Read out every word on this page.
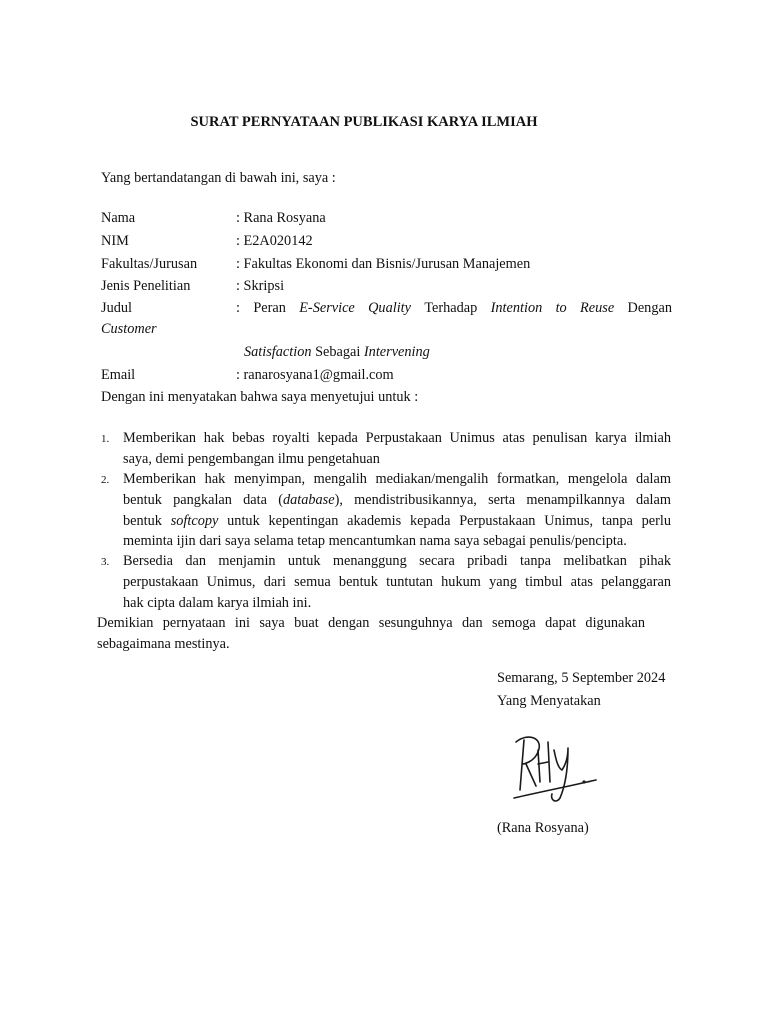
SURAT PERNYATAAN PUBLIKASI KARYA ILMIAH
Yang bertandatangan di bawah ini, saya :
Nama	: Rana Rosyana
NIM	: E2A020142
Fakultas/Jurusan	: Fakultas Ekonomi dan Bisnis/Jurusan Manajemen
Jenis Penelitian	: Skripsi
Judul	: Peran E-Service Quality Terhadap Intention to Reuse Dengan
Customer
Satisfaction Sebagai Intervening
Email	: ranarosyana1@gmail.com
Dengan ini menyatakan bahwa saya menyetujui untuk :
1. Memberikan hak bebas royalti kepada Perpustakaan Unimus atas penulisan karya ilmiah
saya, demi pengembangan ilmu pengetahuan
2. Memberikan hak menyimpan, mengalih mediakan/mengalih formatkan, mengelola dalam
bentuk pangkalan data (database), mendistribusikannya, serta menampilkannya dalam
bentuk softcopy untuk kepentingan akademis kepada Perpustakaan Unimus, tanpa perlu
meminta ijin dari saya selama tetap mencantumkan nama saya sebagai penulis/pencipta.
3. Bersedia dan menjamin untuk menanggung secara pribadi tanpa melibatkan pihak
perpustakaan Unimus, dari semua bentuk tuntutan hukum yang timbul atas pelanggaran
hak cipta dalam karya ilmiah ini.
Demikian pernyataan ini saya buat dengan sesunguhnya dan semoga dapat digunakan
sebagaimana mestinya.
Semarang, 5 September 2024
Yang Menyatakan
(Rana Rosyana)
